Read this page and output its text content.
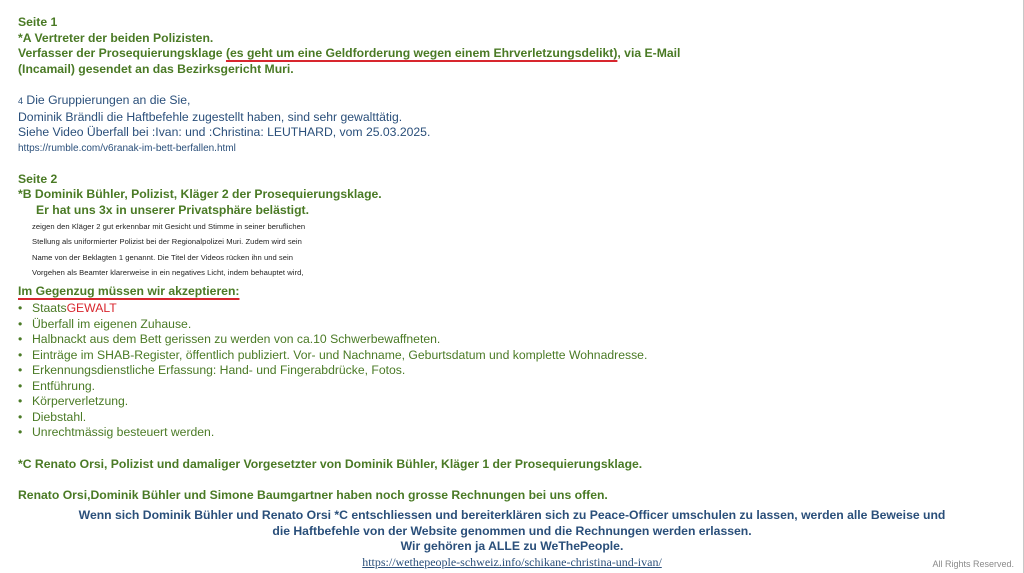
Seite 1
*A Vertreter der beiden Polizisten.
Verfasser der Prosequierungsklage (es geht um eine Geldforderung wegen einem Ehrverletzungsdelikt), via E-Mail
(Incamail) gesendet an das Bezirksgericht Muri.
4 Die Gruppierungen an die Sie,
Dominik Brändli die Haftbefehle zugestellt haben, sind sehr gewalttätig.
Siehe Video Überfall bei :Ivan: und :Christina: LEUTHARD, vom 25.03.2025.
https://rumble.com/v6ranak-im-bett-berfallen.html
Seite 2
*B Dominik Bühler, Polizist, Kläger 2 der Prosequierungsklage.
Er hat uns 3x in unserer Privatsphäre belästigt.
zeigen den Kläger 2 gut erkennbar mit Gesicht und Stimme in seiner beruflichen
Stellung als uniformierter Polizist bei der Regionalpolizei Muri. Zudem wird sein
Name von der Beklagten 1 genannt. Die Titel der Videos rücken ihn und sein
Vorgehen als Beamter klarerweise in ein negatives Licht, indem behauptet wird,
Im Gegenzug müssen wir akzeptieren:
• StaatsGEWALT
• Überfall im eigenen Zuhause.
• Halbnackt aus dem Bett gerissen zu werden von ca.10 Schwerbewaffneten.
• Einträge im SHAB-Register, öffentlich publiziert. Vor- und Nachname, Geburtsdatum und komplette Wohnadresse.
• Erkennungsdienstliche Erfassung: Hand- und Fingerabdrücke, Fotos.
• Entführung.
• Körperverletzung.
• Diebstahl.
• Unrechtmässig besteuert werden.
*C Renato Orsi, Polizist und damaliger Vorgesetzter von Dominik Bühler, Kläger 1 der Prosequierungsklage.
Renato Orsi,Dominik Bühler und Simone Baumgartner haben noch grosse Rechnungen bei uns offen.
Wenn sich Dominik Bühler und Renato Orsi *C entschliessen und bereiterklären sich zu Peace-Officer umschulen zu lassen, werden alle Beweise und
die Haftbefehle von der Website genommen und die Rechnungen werden erlassen.
Wir gehören ja ALLE zu WeThePeople.
https://wethepeople-schweiz.info/schikane-christina-und-ivan/	All Rights Reserved.
